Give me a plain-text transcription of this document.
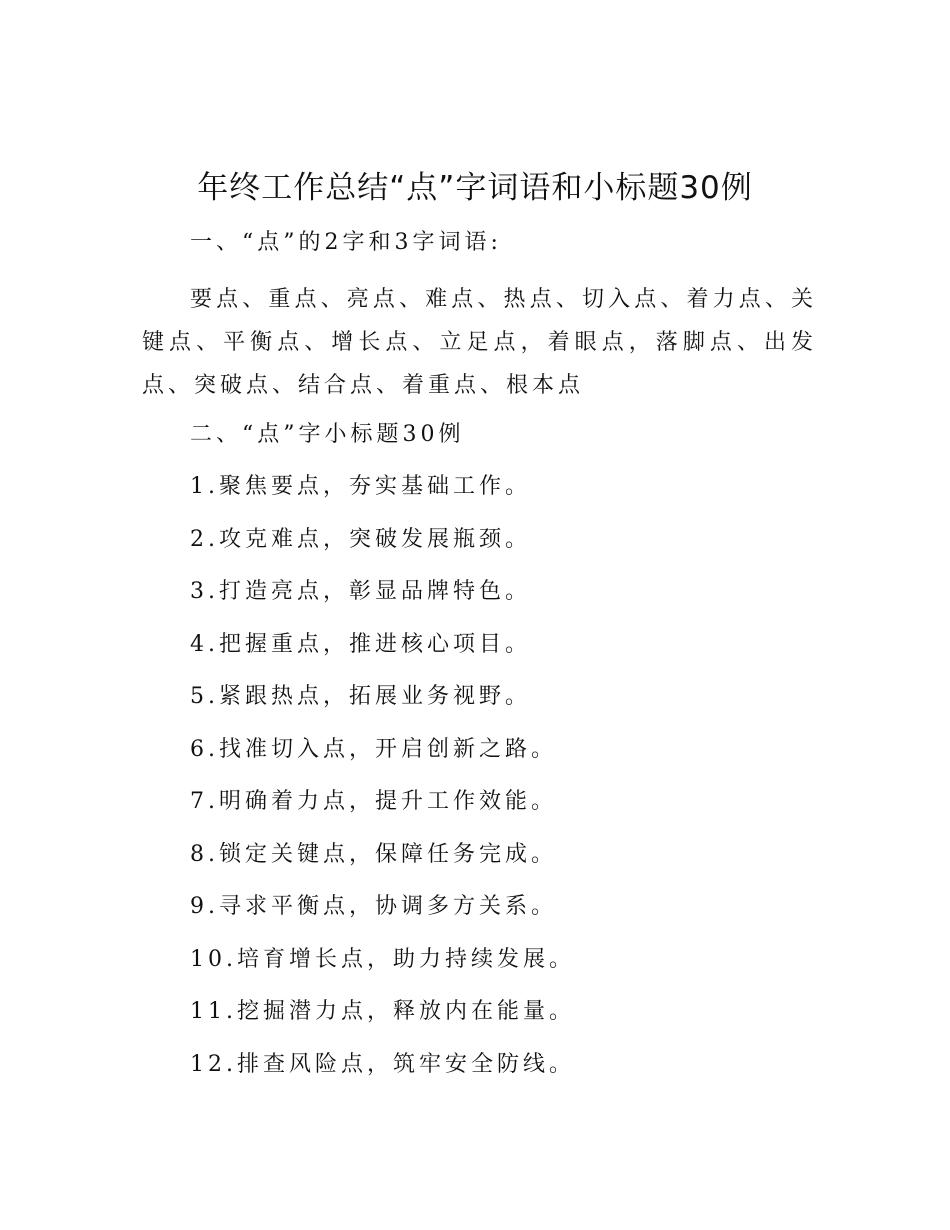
年终工作总结“点”字词语和小标题30例
一、“点”的2字和3字词语:

要点、重点、亮点、难点、热点、切入点、着力点、关键点、平衡点、增长点、立足点，着眼点，落脚点、出发点、突破点、结合点、着重点、根本点

二、“点”字小标题30例
1.聚焦要点，夯实基础工作。
2.攻克难点，突破发展瓶颈。
3.打造亮点，彰显品牌特色。
4.把握重点，推进核心项目。
5.紧跟热点，拓展业务视野。
6.找准切入点，开启创新之路。
7.明确着力点，提升工作效能。
8.锁定关键点，保障任务完成。
9.寻求平衡点，协调多方关系。
10.培育增长点，助力持续发展。
11.挖掘潜力点，释放内在能量。
12.排查风险点，筑牢安全防线。
